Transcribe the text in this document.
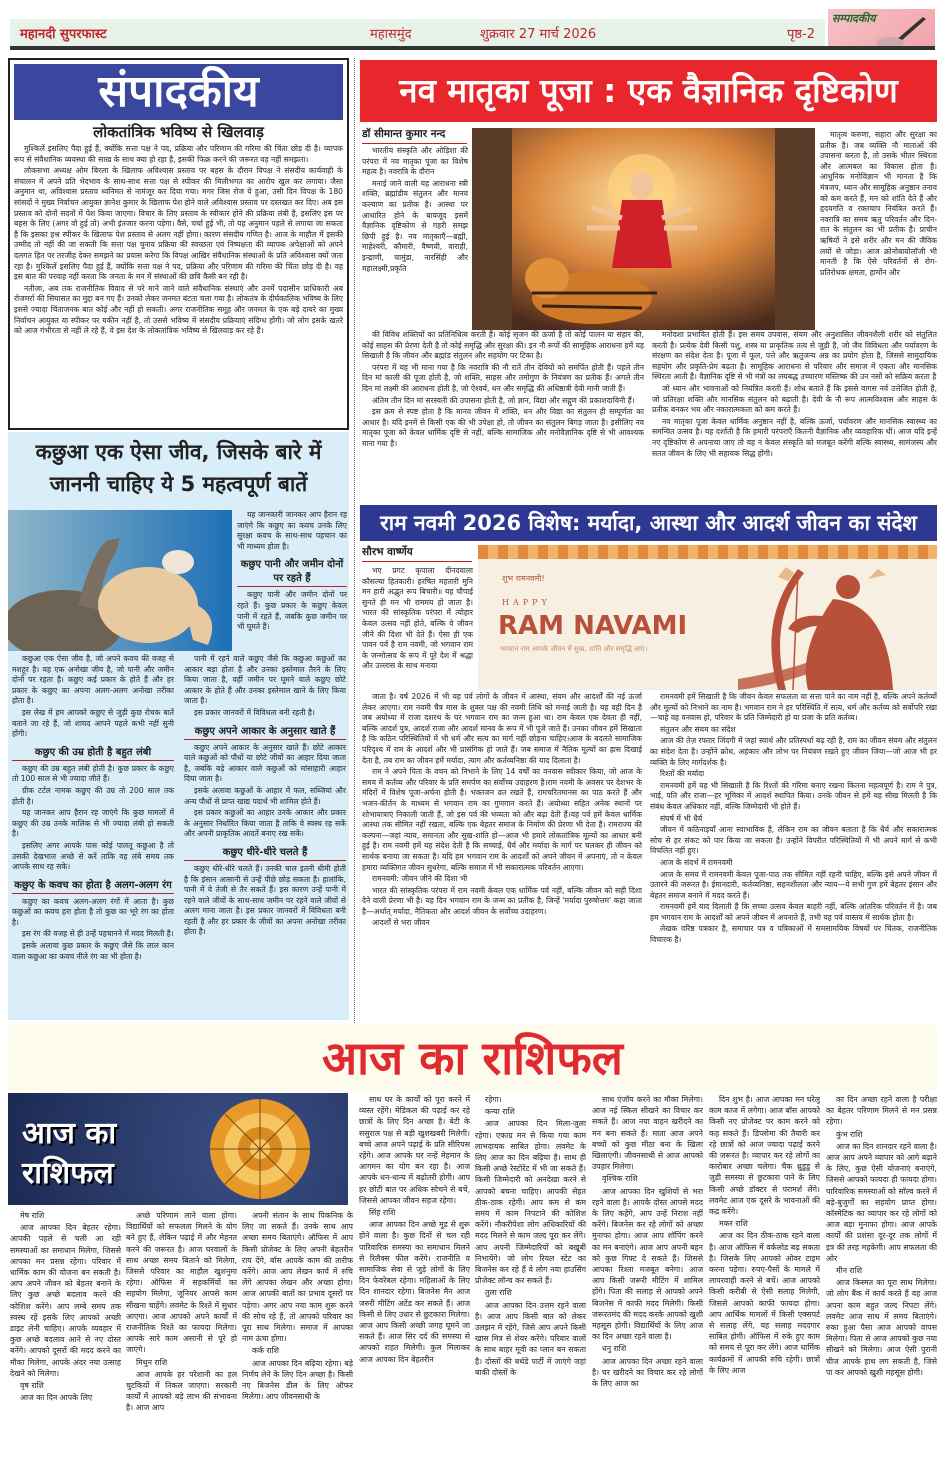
महानदी सुपरफास्ट	महासमुंद	शुक्रवार 27 मार्च 2026	पृष्ठ-2
सम्पादकीय
संपादकीय
लोकतांत्रिक भविष्य से खिलवाड़

मुश्किलें इसलिए पैदा हुई हैं, क्योंकि सत्ता पक्ष ने पद, प्रक्रिया और परिणाम की गरिमा की चिंता छोड़ दी है। व्यापक रूप से संवैधानिक व्यवस्था की साख के साथ क्या हो रहा है, इसकी फिक्र करने की जरूरत वह नहीं समझता।

लोकसभा अध्यक्ष ओम बिरला के खिलाफ अविश्वास प्रस्ताव पर बहस के दौरान विपक्ष ने संसदीय कार्यवाही के संचालन में अपने प्रति भेदभाव के साथ-साथ सत्ता पक्ष से स्पीकर की मिलीभगत का आरोप खुल कर लगाया। जैसा अनुमान था, अविश्वास प्रस्ताव ध्वनिमत से नामंजूर कर दिया गया। मगर जिस रोज ये हुआ, उसी दिन विपक्ष के 180 सांसदों ने मुख्य निर्वाचन आयुक्त ज्ञानेश कुमार के खिलाफ पेश होने वाले अविश्वास प्रस्ताव पर दस्तखत कर दिए। अब इस प्रस्ताव को दोनों सदनों में पेश किया जाएगा। विचार के लिए प्रस्ताव के स्वीकार होने की प्रक्रिया लंबी है, इसलिए इस पर बहस के लिए (अगर वो हुई तो) अभी इंतजार करना पड़ेगा। वैसे, चर्चा हुई भी, तो यह अनुमान पहले से लगाया जा सकता है कि इसका हश्र स्पीकर के खिलाफ पेश प्रस्ताव से अलग नहीं होगा। कारण संसदीय गणित है। आज के माहौल में इसकी उम्मीद तो नहीं की जा सकती कि सत्ता पक्ष चुनाव प्रक्रिया की स्वच्छता एवं निष्पक्षता की व्यापक अपेक्षाओं को अपने दलगत हित पर तरजीह देकर समझने का प्रयास करेगा कि विपक्ष आखिर संवैधानिक संस्थाओं के प्रति अविश्वास क्यों जता रहा है। मुश्किलें इसलिए पैदा हुई हैं, क्योंकि सत्ता पक्ष ने पद, प्रक्रिया और परिणाम की गरिमा की चिंता छोड़ दी है। वह इस बात की परवाह नहीं करता कि जनता के मन में संस्थाओं की छवि कैसी बन रही है।

नतीजा, अब तक राजनीतिक विवाद से परे माने जाने वाले संवैधानिक संस्थाएं और उनमें पदासीन प्राधिकारी अब रोजमर्रा की सियासत का मुद्दा बन गए हैं। उनको लेकर जनमत बंटता चला गया है। लोकतंत्र के दीर्घकालिक भविष्य के लिए इससे ज्यादा चिंताजनक बात कोई और नहीं हो सकती। अगर राजनीतिक समूह और जनमत के एक बड़े दायरे का मुख्य निर्वाचन आयुक्त या स्पीकर पर यकीन नहीं है, तो उससे भविष्य में संसदीय प्रक्रियाएं संदिग्ध होंगी। जो लोग इसके खतरे को आज गंभीरता से नहीं ले रहे हैं, वे इस देश के लोकतांत्रिक भविष्य से खिलवाड़ कर रहे हैं।

कछुआ एक ऐसा जीव, जिसके बारे में जाननी चाहिए ये 5 महत्वपूर्ण बातें

यह जानकारी जानकर आप हैरान रह जाएंगे कि कछुए का कवच उनके लिए सुरक्षा कवच के साथ-साथ पहचान का भी माध्यम होता है।

कछुए पानी और जमीन दोनों पर रहते हैं

कछुए पानी और जमीन दोनों पर रहते हैं। कुछ प्रकार के कछुए केवल पानी में रहते हैं, जबकि कुछ जमीन पर भी घूमते हैं।

कछुआ एक ऐसा जीव है, जो अपने कवच की वजह से मशहूर है। यह एक अनोखा जीव है, जो पानी और जमीन दोनों पर रहता है। कछुए कई प्रकार के होते हैं और हर प्रकार के कछुए का अपना अलग-अलग अनोखा तरीका होता है।

इस लेख में हम आपको कछुए से जुड़ी कुछ रोचक बातें बताने जा रहे हैं, जो शायद आपने पहले कभी नहीं सुनी होंगी।

कछुए की उम्र होती है बहुत लंबी

कछुए की उम्र बहुत लंबी होती है। कुछ प्रकार के कछुए तो 100 साल से भी ज्यादा जीते हैं।

ग्रीक टर्टल नामक कछुए की उम्र तो 200 साल तक होती है।

यह जानकर आप हैरान रह जाएंगे कि कुछ मामलों में कछुए की उम्र उनके मालिक से भी ज्यादा लंबी हो सकती है।

इसलिए अगर आपके पास कोई पालतू कछुआ है तो उसकी देखभाल अच्छे से करें ताकि वह लंबे समय तक आपके साथ रह सके।

कछुए के कवच का होता है अलग-अलग रंग

कछुए का कवच अलग-अलग रंगों में आता है। कुछ कछुओं का कवच हरा होता है तो कुछ का भूरे रंग का होता है।

इस रंग की वजह से ही उन्हें पहचानने में मदद मिलती है।

इसके अलावा कुछ प्रकार के कछुए जैसे कि लाल कान वाला कछुआ का कवच नीले रंग का भी होता है।

पानी में रहने वाले कछुए जैसे कि कछुआ कछुओं का आकार बड़ा होता है और उनका इस्तेमाल तैरने के लिए किया जाता है, वहीं जमीन पर घूमने वाले कछुए छोटे आकार के होते हैं और उनका इस्तेमाल खाने के लिए किया जाता है।

इस प्रकार जानवरों में विविधता बनी रहती है।

कछुए अपने आकार के अनुसार खाते हैं

कछुए अपने आकार के अनुसार खाते हैं। छोटे आकार वाले कछुओं को पौधों या छोटे जीवों का आहार दिया जाता है, जबकि बड़े आकार वाले कछुओं को मांसाहारी आहार दिया जाता है।

इसके अलावा कछुओं के आहार में फल, सब्जियां और अन्य पौधों से प्राप्त खाद्य पदार्थ भी शामिल होते हैं।

इस प्रकार कछुओं का आहार उनके आकार और प्रकार के अनुसार निर्धारित किया जाता है ताकि वे स्वस्थ रह सकें और अपनी प्राकृतिक आदतें बनाए रख सकें।

कछुए धीरे-धीरे चलते हैं

कछुए धीरे-धीरे चलते हैं। उनकी चाल इतनी धीमी होती है कि इंसान आसानी से उन्हें पीछे छोड़ सकता है। हालांकि, पानी में वे तेजी से तैर सकते हैं। इस कारण उन्हें पानी में रहने वाले जीवों के साथ-साथ जमीन पर रहने वाले जीवों से अलग माना जाता है। इस प्रकार जानवरों में विविधता बनी रहती है और हर प्रकार के जीवों का अपना अनोखा तरीका होता है।

नव मातृका पूजा : एक वैज्ञानिक दृष्टिकोण
डॉ सीमान्त कुमार नन्द

भारतीय संस्कृति और ओड़िशा की परंपरा में नव मातृका पूजा का विशेष महत्व है। नवरात्रि के दौरान

मनाई जाने वाली यह आराधना स्त्री शक्ति, ब्रह्मांडीय संतुलन और मानव कल्याण का प्रतीक है। आस्था पर आधारित होने के बावजूद इसमें वैज्ञानिक दृष्टिकोण से गहरी समझ छिपी हुई है। नव मातृकाएँ—ब्रह्मी, माहेश्वरी, कौमारी, वैष्णवी, वाराही, इन्द्राणी, चामुंडा, नारसिंही और महालक्ष्मी,प्रकृति

मातृत्व करुणा, सहारा और सुरक्षा का प्रतीक है। जब व्यक्ति नौ माताओं की उपासना करता है, तो उसके भीतर स्थिरता और आत्मबल का विकास होता है। आधुनिक मनोविज्ञान भी मानता है कि मंत्रजप, ध्यान और सामूहिक अनुष्ठान तनाव को कम करते हैं, मन को शांति देते हैं और हृदयगति व रक्तचाप नियंत्रित करते हैं। नवरात्रि का समय ऋतु परिवर्तन और दिन-रात के संतुलन का भी प्रतीक है। प्राचीन ऋषियों ने इसे शरीर और मन की जैविक लयों से जोड़ा। आज क्रोनोबायोलॉजी भी मानती है कि ऐसे परिवर्तनों से रोग-प्रतिरोधक क्षमता, हार्मोन और

की विविध शक्तियों का प्रतिनिधित्व करती हैं। कोई सृजन की ऊर्जा है तो कोई पालन या संहार की, कोई साहस की प्रेरणा देती है तो कोई समृद्धि और सुरक्षा की। इन नौ रूपों की सामूहिक आराधना हमें यह सिखाती है कि जीवन और ब्रह्मांड संतुलन और सहयोग पर टिका है।

परंपरा में यह भी माना गया है कि नवरात्रि की नौ रातें तीन देवियों को समर्पित होती हैं। पहले तीन दिन मां काली की पूजा होती है, जो शक्ति, साहस और तमोगुण के नियंत्रण का प्रतीक हैं। अगले तीन दिन मां लक्ष्मी की आराधना होती है, जो ऐश्वर्य, धन और समृद्धि की अधिष्ठात्री देवी मानी जाती हैं।

अंतिम तीन दिन मां सरस्वती की उपासना होती है, जो ज्ञान, विद्या और सद्गुण की प्रकाशदायिनी हैं।

इस क्रम से स्पष्ट होता है कि मानव जीवन में शक्ति, धन और विद्या का संतुलन ही सम्पूर्णता का आधार है। यदि इनमें से किसी एक की भी उपेक्षा हो, तो जीवन का संतुलन बिगड़ जाता है। इसीलिए नव मातृका पूजा को केवल धार्मिक दृष्टि से नहीं, बल्कि सामाजिक और मनोवैज्ञानिक दृष्टि से भी आवश्यक माना गया है।

मनोदशा प्रभावित होती हैं। इस समय उपवास, संयम और अनुशासित जीवनशैली शरीर को संतुलित करती है। प्रत्येक देवी किसी पशु, शस्त्र या प्राकृतिक तत्व से जुड़ी है, जो जैव विविधता और पर्यावरण के संरक्षण का संदेश देता है। पूजा में फूल, पत्ते और ऋतुजन्य अन्न का प्रयोग होता है, जिससे सामुदायिक सहयोग और प्रकृति-प्रेम बढ़ता है। सामूहिक आराधना से परिवार और समाज में एकता और मानसिक स्थिरता आती है। वैज्ञानिक दृष्टि से भी मंत्रों का लयबद्ध उच्चारण मस्तिष्क की उन नसों को सक्रिय करता है

जो ध्यान और भावनाओं को नियंत्रित करती हैं। शोध बताते हैं कि इससे वागस नर्व उत्तेजित होती है, जो प्रतिरक्षा शक्ति और मानसिक संतुलन को बढ़ाती है। देवी के नौ रूप आत्मविश्वास और साहस के प्रतीक बनकर भय और नकारात्मकता को कम करते हैं।

नव मातृका पूजा केवल धार्मिक अनुष्ठान नहीं है, बल्कि ऊर्जा, पर्यावरण और मानसिक स्वास्थ्य का समन्वित उत्सव है। यह दर्शाती है कि हमारी परंपराएँ कितनी वैज्ञानिक और व्यवहारिक थीं। आज यदि इन्हें नए दृष्टिकोण से अपनाया जाए तो यह न केवल संस्कृति को मजबूत करेंगी बल्कि स्वास्थ्य, सामंजस्य और सतत जीवन के लिए भी सहायक सिद्ध होंगी।

राम नवमी 2026 विशेष: मर्यादा, आस्था और आदर्श जीवन का संदेश
सौरभ वार्ष्णेय

भए प्रगट कृपाला दीनदयाला कौसल्या हितकारी। हरषित महतारी मुनि मन हारी अद्भुत रूप बिचारी॥ यह चौपाई सुनते ही मन भी राममय हो जाता है। भारत की सांस्कृतिक परंपरा में त्योहार केवल उत्सव नहीं होते, बल्कि वे जीवन जीने की दिशा भी देते हैं। ऐसा ही एक पावन पर्व है राम नवमी, जो भगवान राम के जन्मोत्सव के रूप में पूरे देश में श्रद्धा और उल्लास के साथ मनाया

शुभ रामनवमी!
HAPPY
RAM NAVAMI
भगवान राम आपके जीवन में सुख, शांति और समृद्धि लाएं।

जाता है। वर्ष 2026 में भी यह पर्व लोगों के जीवन में आस्था, संयम और आदर्शों की नई ऊर्जा लेकर आएगा। राम नवमी चैत्र मास के शुक्ल पक्ष की नवमी तिथि को मनाई जाती है। यह वही दिन है जब अयोध्या में राजा दशरथ के घर भगवान राम का जन्म हुआ था। राम केवल एक देवता ही नहीं, बल्कि आदर्श पुत्र, आदर्श राजा और आदर्श मानव के रूप में भी पूजे जाते हैं। उनका जीवन हमें सिखाता है कि कठिन परिस्थितियों में भी धर्म और सत्य का मार्ग नहीं छोड़ना चाहिए।आज के बदलते सामाजिक परिदृश्य में राम के आदर्श और भी प्रासंगिक हो जाते हैं। जब समाज में नैतिक मूल्यों का ह्रास दिखाई देता है, तब राम का जीवन हमें मर्यादा, त्याग और कर्तव्यनिष्ठा की याद दिलाता है।

राम ने अपने पिता के वचन को निभाने के लिए 14 वर्षों का वनवास स्वीकार किया, जो आज के समय में कर्तव्य और परिवार के प्रति समर्पण का सर्वोच्च उदाहरण है।राम नवमी के अवसर पर देशभर के मंदिरों में विशेष पूजा-अर्चना होती है। भक्तजन व्रत रखते हैं, रामचरितमानस का पाठ करते हैं और भजन-कीर्तन के माध्यम से भगवान राम का गुणगान करते हैं। अयोध्या सहित अनेक स्थानों पर शोभायात्राएं निकाली जाती हैं, जो इस पर्व की भव्यता को और बढ़ा देती हैं।यह पर्व हमें केवल धार्मिक आस्था तक सीमित नहीं रखता, बल्कि एक बेहतर समाज के निर्माण की प्रेरणा भी देता है। रामराज्य की कल्पना—जहां न्याय, समानता और सुख-शांति हो—आज भी हमारे लोकतांत्रिक मूल्यों का आधार बनी हुई है। राम नवमी हमें यह संदेश देती है कि सच्चाई, धैर्य और मर्यादा के मार्ग पर चलकर ही जीवन को सार्थक बनाया जा सकता है। यदि हम भगवान राम के आदर्शों को अपने जीवन में अपनाएं, तो न केवल हमारा व्यक्तिगत जीवन सुधरेगा, बल्कि समाज में भी सकारात्मक परिवर्तन आएगा।

रामनवमी: जीवन जीने की दिशा भी

भारत की सांस्कृतिक परंपरा में राम नवमी केवल एक धार्मिक पर्व नहीं, बल्कि जीवन को सही दिशा देने वाली प्रेरणा भी है। यह दिन भगवान राम के जन्म का प्रतीक है, जिन्हें 'मर्यादा पुरुषोत्तम' कहा जाता है—अर्थात् मर्यादा, नैतिकता और आदर्श जीवन के सर्वोच्च उदाहरण।

आदर्शों से भरा जीवन

रामनवमी हमें सिखाती है कि जीवन केवल सफलता या सत्ता पाने का नाम नहीं है, बल्कि अपने कर्तव्यों और मूल्यों को निभाने का नाम है। भगवान राम ने हर परिस्थिति में सत्य, धर्म और कर्तव्य को सर्वोपरि रखा—चाहे वह वनवास हो, परिवार के प्रति जिम्मेदारी हो या प्रजा के प्रति कर्तव्य।

संतुलन और संयम का संदेश

आज की तेज़ रफ्तार जिंदगी में जहां स्वार्थ और प्रतिस्पर्धा बढ़ रही है, राम का जीवन संयम और संतुलन का संदेश देता है। उन्होंने क्रोध, अहंकार और लोभ पर नियंत्रण रखते हुए जीवन जिया—जो आज भी हर व्यक्ति के लिए मार्गदर्शक है।

रिश्तों की मर्यादा

रामनवमी हमें यह भी सिखाती है कि रिश्तों की गरिमा बनाए रखना कितना महत्वपूर्ण है। राम ने पुत्र, भाई, पति और राजा—हर भूमिका में आदर्श स्थापित किया। उनके जीवन से हमें यह सीख मिलती है कि संबंध केवल अधिकार नहीं, बल्कि जिम्मेदारी भी होते हैं।

संघर्ष में भी धैर्य

जीवन में कठिनाइयाँ आना स्वाभाविक है, लेकिन राम का जीवन बताता है कि धैर्य और सकारात्मक सोच से हर संकट को पार किया जा सकता है। उन्होंने विपरीत परिस्थितियों में भी अपने मार्ग से कभी विचलित नहीं हुए।

आज के संदर्भ में रामनवमी

आज के समय में रामनवमी केवल पूजा-पाठ तक सीमित नहीं रहनी चाहिए, बल्कि इसे अपने जीवन में उतारने की जरूरत है। ईमानदारी, कर्तव्यनिष्ठा, सहनशीलता और न्याय—ये सभी गुण हमें बेहतर इंसान और बेहतर समाज बनाने में मदद करते हैं।

रामनवमी हमें याद दिलाती है कि सच्चा उत्सव केवल बाहरी नहीं, बल्कि आंतरिक परिवर्तन में है। जब हम भगवान राम के आदर्शों को अपने जीवन में अपनाते हैं, तभी यह पर्व वास्तव में सार्थक होता है।

लेखक वरिष्ठ पत्रकार है, समाचार पत्र व पत्रिकाओं में समसामयिक विषयों पर चिंतक, राजनीतिक विचारक है।

आज का राशिफल
आज का
राशिफल

मेष राशि

आज आपका दिन बेहतर रहेगा। आपकी पहले से चली आ रही समस्याओं का समाधान मिलेगा, जिससे आपका मन प्रसन्न रहेगा। परिवार में धार्मिक काम की योजना बन सकती है। आप अपने जीवन को बेहतर बनाने के लिए कुछ अच्छे बदलाव करने की कोशिश करेंगे। आप लम्बे समय तक स्वस्थ रहें इसके लिए आपको अच्छी डाइट लेनी चाहिए। आपके व्यवहार में कुछ अच्छे बदलाव आने से नए दोस्त बनेंगे। आपको दूसरों की मदद करने का मौका मिलेगा, आपके अंदर नया उत्साह देखने को मिलेगा।

वृष राशि

आज का दिन आपके लिए

अच्छे परिणाम लाने वाला होगा। विद्यार्थियों को सफलता मिलने के योग बने हुए हैं, लेकिन पढ़ाई में और मेहनत करने की जरूरत है। आज घरवालों के साथ अच्छा समय बिताने को मिलेगा, जिससे परिवार का माहौल खुशनुमा रहेगा। ऑफिस में सहकर्मियों का सहयोग मिलेगा, जूनियर आपसे काम सीखना चाहेंगे। लवमेट के रिश्ते में सुधार आएगा। आज आपको अपने कार्यों में राजनीतिक रिश्ते का फायदा मिलेगा। आपके सारे काम असानी से पूरे हो जाएंगे।

मिथुन राशि

आज आपके हर परेशानी का हल चुटकियों में निकल जाएगा। सरकारी कार्यों में आपको बड़े लाभ की संभावना है। आज आप

अपनी संतान के साथ पिकनिक के लिए जा सकते हैं। उनके साथ आप अच्छा समय बिताएंगे। ऑफिस में आप किसी प्रोजेक्ट के लिए अपनी बेहतरीन राय देंगे, बॉस आपके काम की तारीफ करेंगे। आज आप लेखन कार्य में रुचि लेंगे आपका लेखन और अच्छा होगा। आज आपकी बातों का प्रभाव दूसरों पर पड़ेगा। अगर आप नया काम शुरू करने की सोच रहे हैं, तो आपको परिवार का पूरा साथ मिलेगा। समाज में आपका नाम ऊंचा होगा।

कर्क राशि

आज आपका दिन बढ़िया रहेगा। बड़े निर्णय लेने के लिए दिन अच्छा है। किसी नए बिजनेस डील के लिए ऑफर मिलेगा। आप जीवनसाथी के

साथ घर के कार्यों को पूरा करने में व्यस्त रहेंगे। मेडिकल की पढ़ाई कर रहे छात्रों के लिए दिन अच्छा है। बेटी के ससुराल पक्ष से बड़ी खुशखबरी मिलेगी। बच्चे आज अपने पढ़ाई के प्रति सीरियस रहेंगे। आज आपके घर नन्हें मेहमान के आगमन का योग बन रहा है। आज आपके धन-धान्य में बढ़ोतरी होगी। आप हर छोटी बात पर अधिक सोचने से बचें, जिससे आपका जीवन सहज रहेगा।

सिंह राशि

आज आपका दिन अच्छे मूड से शुरू होने वाला है। कुछ दिनों से चल रही पारिवारिक समस्या का समाधान मिलने से रिलैक्स फील करेंगे। राजनीति व सामाजिक सेवा से जुड़े लोगों के लिए दिन फेवरेबल रहेगा। महिलाओं के लिए दिन शानदार रहेगा। बिजनेस मैन आज जरुरी मीटिंग अटेंड कर सकते हैं। आज किसी से लिए उधार से छुटकारा मिलेगा। आज आप किसी अच्छी जगह घूमने जा सकते हैं। आज सिर दर्द की समस्या से आपको राहत मिलेगी। कुल मिलाकर आज आपका दिन बेहतरीन

रहेगा।

कन्या राशि

आज आपका दिन मिला-जुला रहेगा। एकाग्र मन से किया गया काम लाभदायक साबित होगा। लवमेट के लिए आज का दिन बढ़िया है। साथ ही किसी अच्छे रेस्टोरेंट में भी जा सकते हैं। किसी जिम्मेदारी को अनदेखा करने से आपको बचना चाहिए। आपकी सेहत ठीक-ठाक रहेगी। आप कम से कम समय में काम निपटाने की कोशिश करेंगे। नौकरीपेशा लोग अधिकारियों की मदद मिलने से काम जल्द पूरा कर लेंगे। आप अपनी जिम्मेदारियों को बखूबी निभायेंगे। जो लोग रियल स्टेट का बिजनेस कर रहे हैं वे लोग नया हाउसिंग प्रोजेक्ट लॉन्च कर सकते हैं।

तुला राशि

आज आपका दिन उत्तम रहने वाला है। आज आप किसी बात को लेकर उलझन में रहेंगे, जिसे आप अपने किसी खास मित्र से शेयर करेंगे। परिवार वालों के साथ बाहर मूवी का प्लान बन सकता है। दोस्तों की बर्थडे पार्टी में जाएंगे जहां बाकी दोस्तों के

साथ एंजॉय करने का मौका मिलेगा। आज नई स्किल सीखने का विचार कर सकते हैं। आज नया वाहन खरीदने का मन बना सकते हैं। माता आज अपने बच्चों को कुछ मीठा बना के खिला खिलाएंगी। जीवनसाथी से आज आपको उपहार मिलेगा।

वृश्चिक राशि

आज आपका दिन खुशियों से भरा रहने वाला है। आपके दोस्त आपसे मदद के लिए कहेंगे, आप उन्हें निराश नहीं करेंगे। बिजनेस कर रहे लोगों को अच्छा मुनाफा होगा। आज आप शॉपिंग करने का मन बनाएंगे। आज आप अपनी बहन को कुछ गिफ्ट दे सकते हैं। जिससे आपका रिश्ता मजबूत बनेगा। आज आप किसी जरूरी मीटिंग में शामिल होंगे। पिता की सलाह से आपको अपने बिजनेस में काफी मदद मिलेगी। किसी जरूरतमंद की मदद करके आपको खुशी महसूस होगी। विद्यार्थियों के लिए आज का दिन अच्छा रहने वाला है।

धनु राशि

आज आपका दिन अच्छा रहने वाला है। घर खरीदने का विचार कर रहे लोगों के लिए आज का

दिन शुभ है। आज आपका मन घरेलू काम काज में लगेगा। आज बॉस आपको किसी नए प्रोजेक्ट पर काम करने को कह सकते हैं। डिप्लोमा की तैयारी कर रहे छात्रों को आज ज्यादा पढ़ाई करने की जरूरत है। व्यापार कर रहे लोगों का कारोबार अच्छा चलेगा। चैक थ्रुडुडु से जुड़ी समस्या से छुटकारा पाने के लिए किसी अच्छे डॉक्टर से परामर्श लेंगे। लवमेट आज एक दूसरे के भावनाओं की कद्र करेंगे।

मकर राशि

आज का दिन ठीक-ठाक रहने वाला है। आज ऑफिस में वर्कलोड बढ़ सकता है। जिसके लिए आपको ओवर टाइम करना पड़ेगा। रुपए-पैसों के मामले में लापरवाही करने से बचें। आज आपको किसी करीबी से ऐसी सलाह मिलेगी, जिससे आपको काफी फायदा होगा। आप आर्थिक मामलों में किसी एक्सपर्ट से सलाह लेंगे, यह सलाह मददगार साबित होगी। ऑफिस में रुके हुए काम को समय से पूरा कर लेंगे। आज धार्मिक कार्यक्रमों में आपकी रुचि रहेगी। छात्रों के लिए आज

का दिन अच्छा रहने वाला है परीक्षा का बेहतर परिणाम मिलने से मन प्रसन्न रहेगा।

कुंभ राशि

आज का दिन शानदार रहने वाला है। आज आप अपने व्यापार को आगे बढ़ाने के लिए, कुछ ऐसी योजनाएं बनाएंगे, जिससे आपको फायदा ही फायदा होगा। पारिवारिक समस्याओं को सॉल्व करने में बड़े-बुजुर्गों का सहयोग प्राप्त होगा। कॉस्मेटिक का व्यापार कर रहे लोगों को आज बड़ा मुनाफा होगा। आज आपके कार्यों की प्रशंसा दूर-दूर तक लोगों में इत्र की तरह महकेगी। आप सफलता की ओर

मीन राशि

आज किस्मत का पूरा साथ मिलेगा। जो लोग बैंक में कार्य करते हैं वह आज अपना काम बहुत जल्द निपटा लेंगे। लवमेट आज साथ में समय बिताएंगे। रुका हुआ पैसा आज आपको वापस मिलेगा। पिता से आज आपको कुछ नया सीखने को मिलेगा। आज ऐसी पुरानी चीज आपके हाथ लग सकती है, जिसे पा कर आपको खुशी महसूस होगी।
